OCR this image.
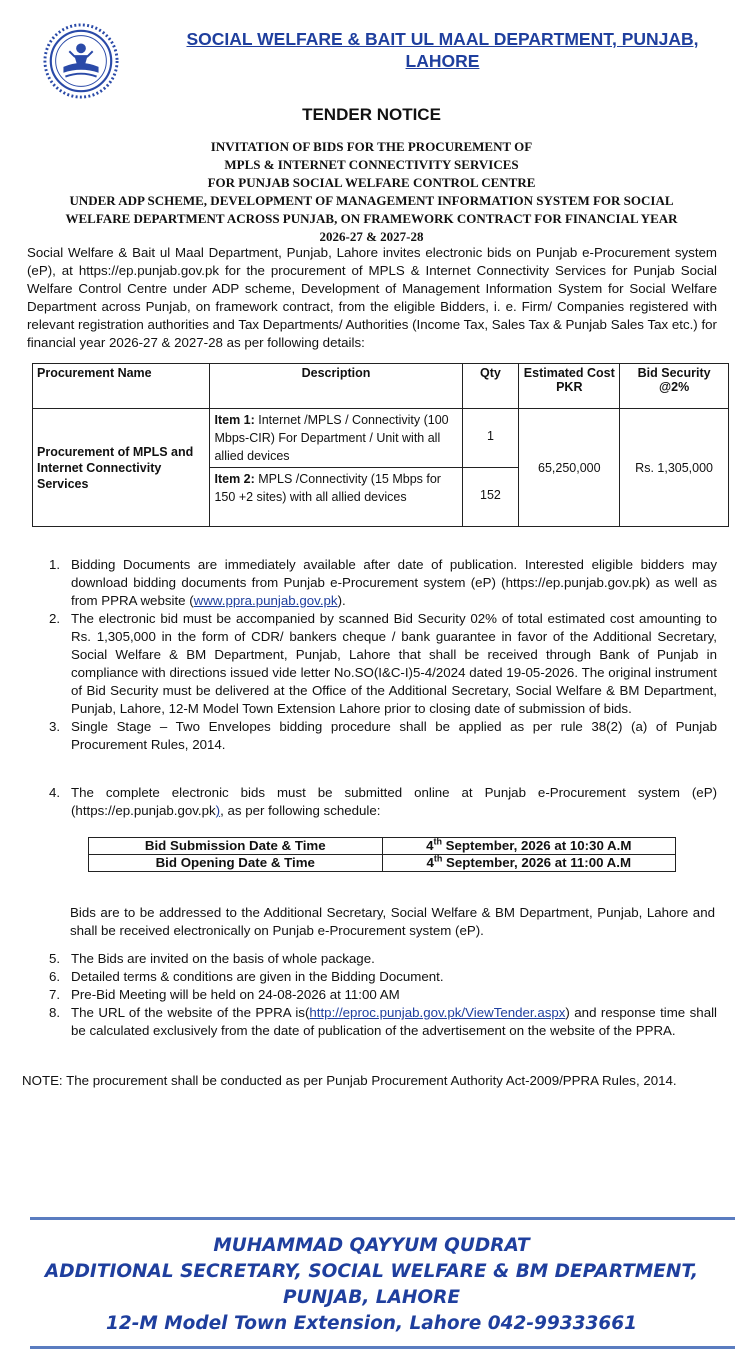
SOCIAL WELFARE & BAIT UL MAAL DEPARTMENT, PUNJAB,
LAHORE
TENDER NOTICE
INVITATION OF BIDS FOR THE PROCUREMENT OF
MPLS & INTERNET CONNECTIVITY SERVICES
FOR PUNJAB SOCIAL WELFARE CONTROL CENTRE
UNDER ADP SCHEME, DEVELOPMENT OF MANAGEMENT INFORMATION SYSTEM FOR SOCIAL
WELFARE DEPARTMENT ACROSS PUNJAB, ON FRAMEWORK CONTRACT FOR FINANCIAL YEAR
2026-27 & 2027-28
Social Welfare & Bait ul Maal Department, Punjab, Lahore invites electronic bids on Punjab e-Procurement system (eP), at https://ep.punjab.gov.pk for the procurement of MPLS & Internet Connectivity Services for Punjab Social Welfare Control Centre under ADP scheme, Development of Management Information System for Social Welfare Department across Punjab, on framework contract, from the eligible Bidders, i. e. Firm/ Companies registered with relevant registration authorities and Tax Departments/ Authorities (Income Tax, Sales Tax & Punjab Sales Tax etc.) for financial year 2026-27 & 2027-28 as per following details:
Procurement Name	Description	Qty	Estimated Cost PKR	Bid Security @2%
Procurement of MPLS and Internet Connectivity Services	Item 1: Internet /MPLS / Connectivity (100 Mbps-CIR) For Department / Unit with all allied devices	1	65,250,000	Rs. 1,305,000
	Item 2: MPLS /Connectivity (15 Mbps for 150 +2 sites) with all allied devices	152		
1. Bidding Documents are immediately available after date of publication. Interested eligible bidders may download bidding documents from Punjab e-Procurement system (eP) (https://ep.punjab.gov.pk) as well as from PPRA website (www.ppra.punjab.gov.pk).
2. The electronic bid must be accompanied by scanned Bid Security 02% of total estimated cost amounting to Rs. 1,305,000 in the form of CDR/ bankers cheque / bank guarantee in favor of the Additional Secretary, Social Welfare & BM Department, Punjab, Lahore that shall be received through Bank of Punjab in compliance with directions issued vide letter No.SO(I&C-I)5-4/2024 dated 19-05-2026. The original instrument of Bid Security must be delivered at the Office of the Additional Secretary, Social Welfare & BM Department, Punjab, Lahore, 12-M Model Town Extension Lahore prior to closing date of submission of bids.
3. Single Stage – Two Envelopes bidding procedure shall be applied as per rule 38(2) (a) of Punjab Procurement Rules, 2014.
4. The complete electronic bids must be submitted online at Punjab e-Procurement system (eP) (https://ep.punjab.gov.pk), as per following schedule:
Bid Submission Date & Time	4th September, 2026 at 10:30 A.M
Bid Opening Date & Time	4th September, 2026 at 11:00 A.M
Bids are to be addressed to the Additional Secretary, Social Welfare & BM Department, Punjab, Lahore and shall be received electronically on Punjab e-Procurement system (eP).
5. The Bids are invited on the basis of whole package.
6. Detailed terms & conditions are given in the Bidding Document.
7. Pre-Bid Meeting will be held on 24-08-2026 at 11:00 AM
8. The URL of the website of the PPRA is(http://eproc.punjab.gov.pk/ViewTender.aspx) and response time shall be calculated exclusively from the date of publication of the advertisement on the website of the PPRA.
NOTE: The procurement shall be conducted as per Punjab Procurement Authority Act-2009/PPRA Rules, 2014.
MUHAMMAD QAYYUM QUDRAT
ADDITIONAL SECRETARY, SOCIAL WELFARE & BM DEPARTMENT,
PUNJAB, LAHORE
12-M Model Town Extension, Lahore 042-99333661
